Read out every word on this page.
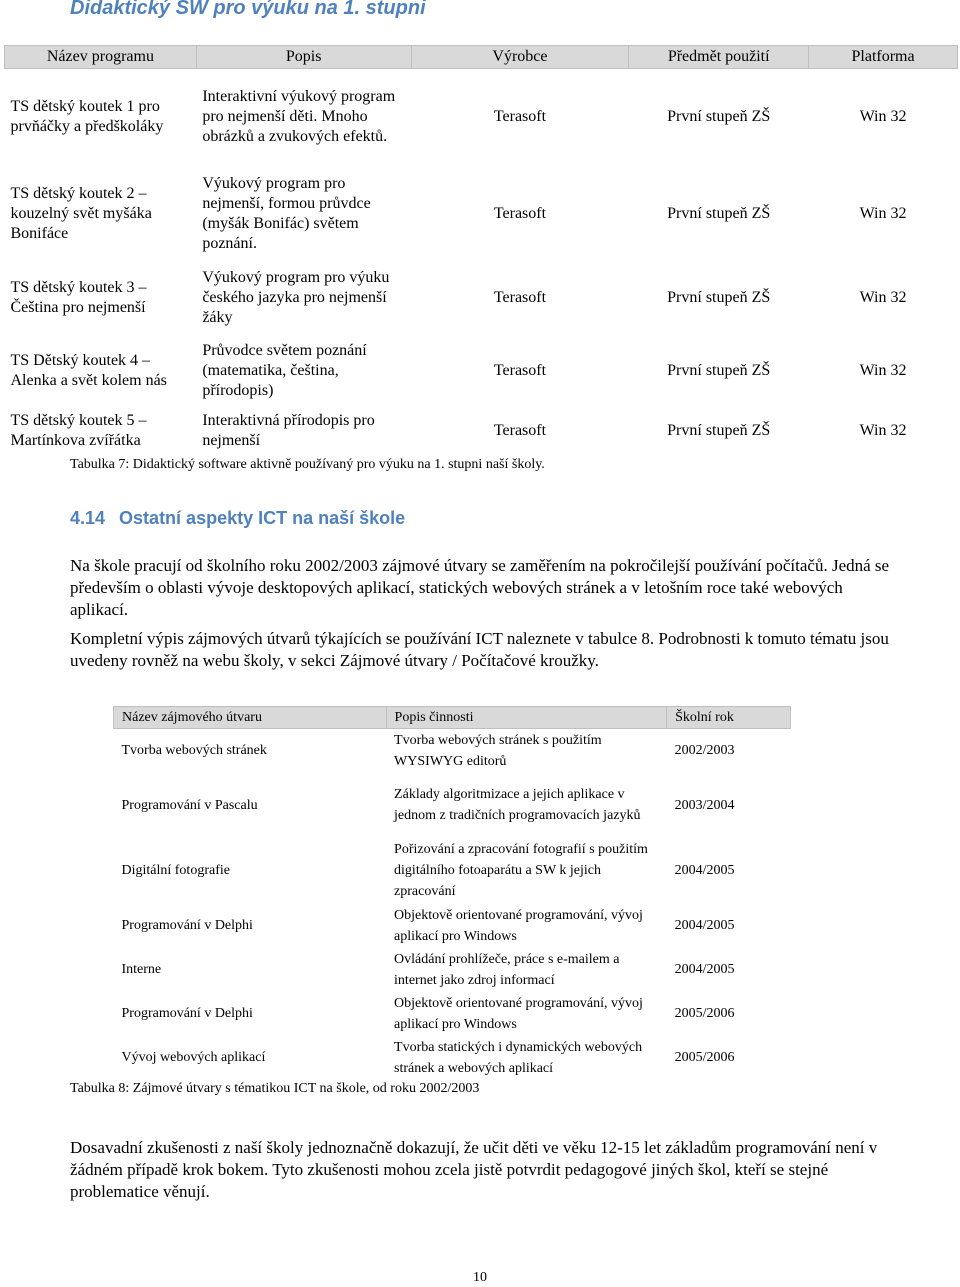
Didaktický SW pro výuku na 1. stupni
Název programu	Popis	Výrobce	Předmět použití	Platforma
TS dětský koutek 1 pro prvňáčky a předškoláky	Interaktivní výukový program pro nejmenší děti. Mnoho obrázků a zvukových efektů.	Terasoft	První stupeň ZŠ	Win 32
TS dětský koutek 2 – kouzelný svět myšáka Bonifáce	Výukový program pro nejmenší, formou průvdce (myšák Bonifác) světem poznání.	Terasoft	První stupeň ZŠ	Win 32
TS dětský koutek 3 – Čeština pro nejmenší	Výukový program pro výuku českého jazyka pro nejmenší žáky	Terasoft	První stupeň ZŠ	Win 32
TS Dětský koutek 4 – Alenka a svět kolem nás	Průvodce světem poznání (matematika, čeština, přírodopis)	Terasoft	První stupeň ZŠ	Win 32
TS dětský koutek 5 – Martínkova zvířátka	Interaktivná přírodopis pro nejmenší	Terasoft	První stupeň ZŠ	Win 32
Tabulka 7: Didaktický software aktivně používaný pro výuku na 1. stupni naší školy.
4.14 Ostatní aspekty ICT na naší škole

Na škole pracují od školního roku 2002/2003 zájmové útvary se zaměřením na pokročilejší používání počítačů. Jedná se především o oblasti vývoje desktopových aplikací, statických webových stránek a v letošním roce také webových aplikací.

Kompletní výpis zájmových útvarů týkajících se používání ICT naleznete v tabulce 8. Podrobnosti k tomuto tématu jsou uvedeny rovněž na webu školy, v sekci Zájmové útvary / Počítačové kroužky.

Název zájmového útvaru	Popis činnosti	Školní rok
Tvorba webových stránek	Tvorba webových stránek s použitím WYSIWYG editorů	2002/2003
Programování v Pascalu	Základy algoritmizace a jejich aplikace v jednom z tradičních programovacích jazyků	2003/2004
Digitální fotografie	Pořizování a zpracování fotografií s použitím digitálního fotoaparátu a SW k jejich zpracování	2004/2005
Programování v Delphi	Objektově orientované programování, vývoj aplikací pro Windows	2004/2005
Interne	Ovládání prohlížeče, práce s e-mailem a internet jako zdroj informací	2004/2005
Programování v Delphi	Objektově orientované programování, vývoj aplikací pro Windows	2005/2006
Vývoj webových aplikací	Tvorba statických i dynamických webových stránek a webových aplikací	2005/2006
Tabulka 8: Zájmové útvary s tématikou ICT na škole, od roku 2002/2003

Dosavadní zkušenosti z naší školy jednoznačně dokazují, že učit děti ve věku 12-15 let základům programování není v žádném případě krok bokem. Tyto zkušenosti mohou zcela jistě potvrdit pedagogové jiných škol, kteří se stejné problematice věnují.

10
